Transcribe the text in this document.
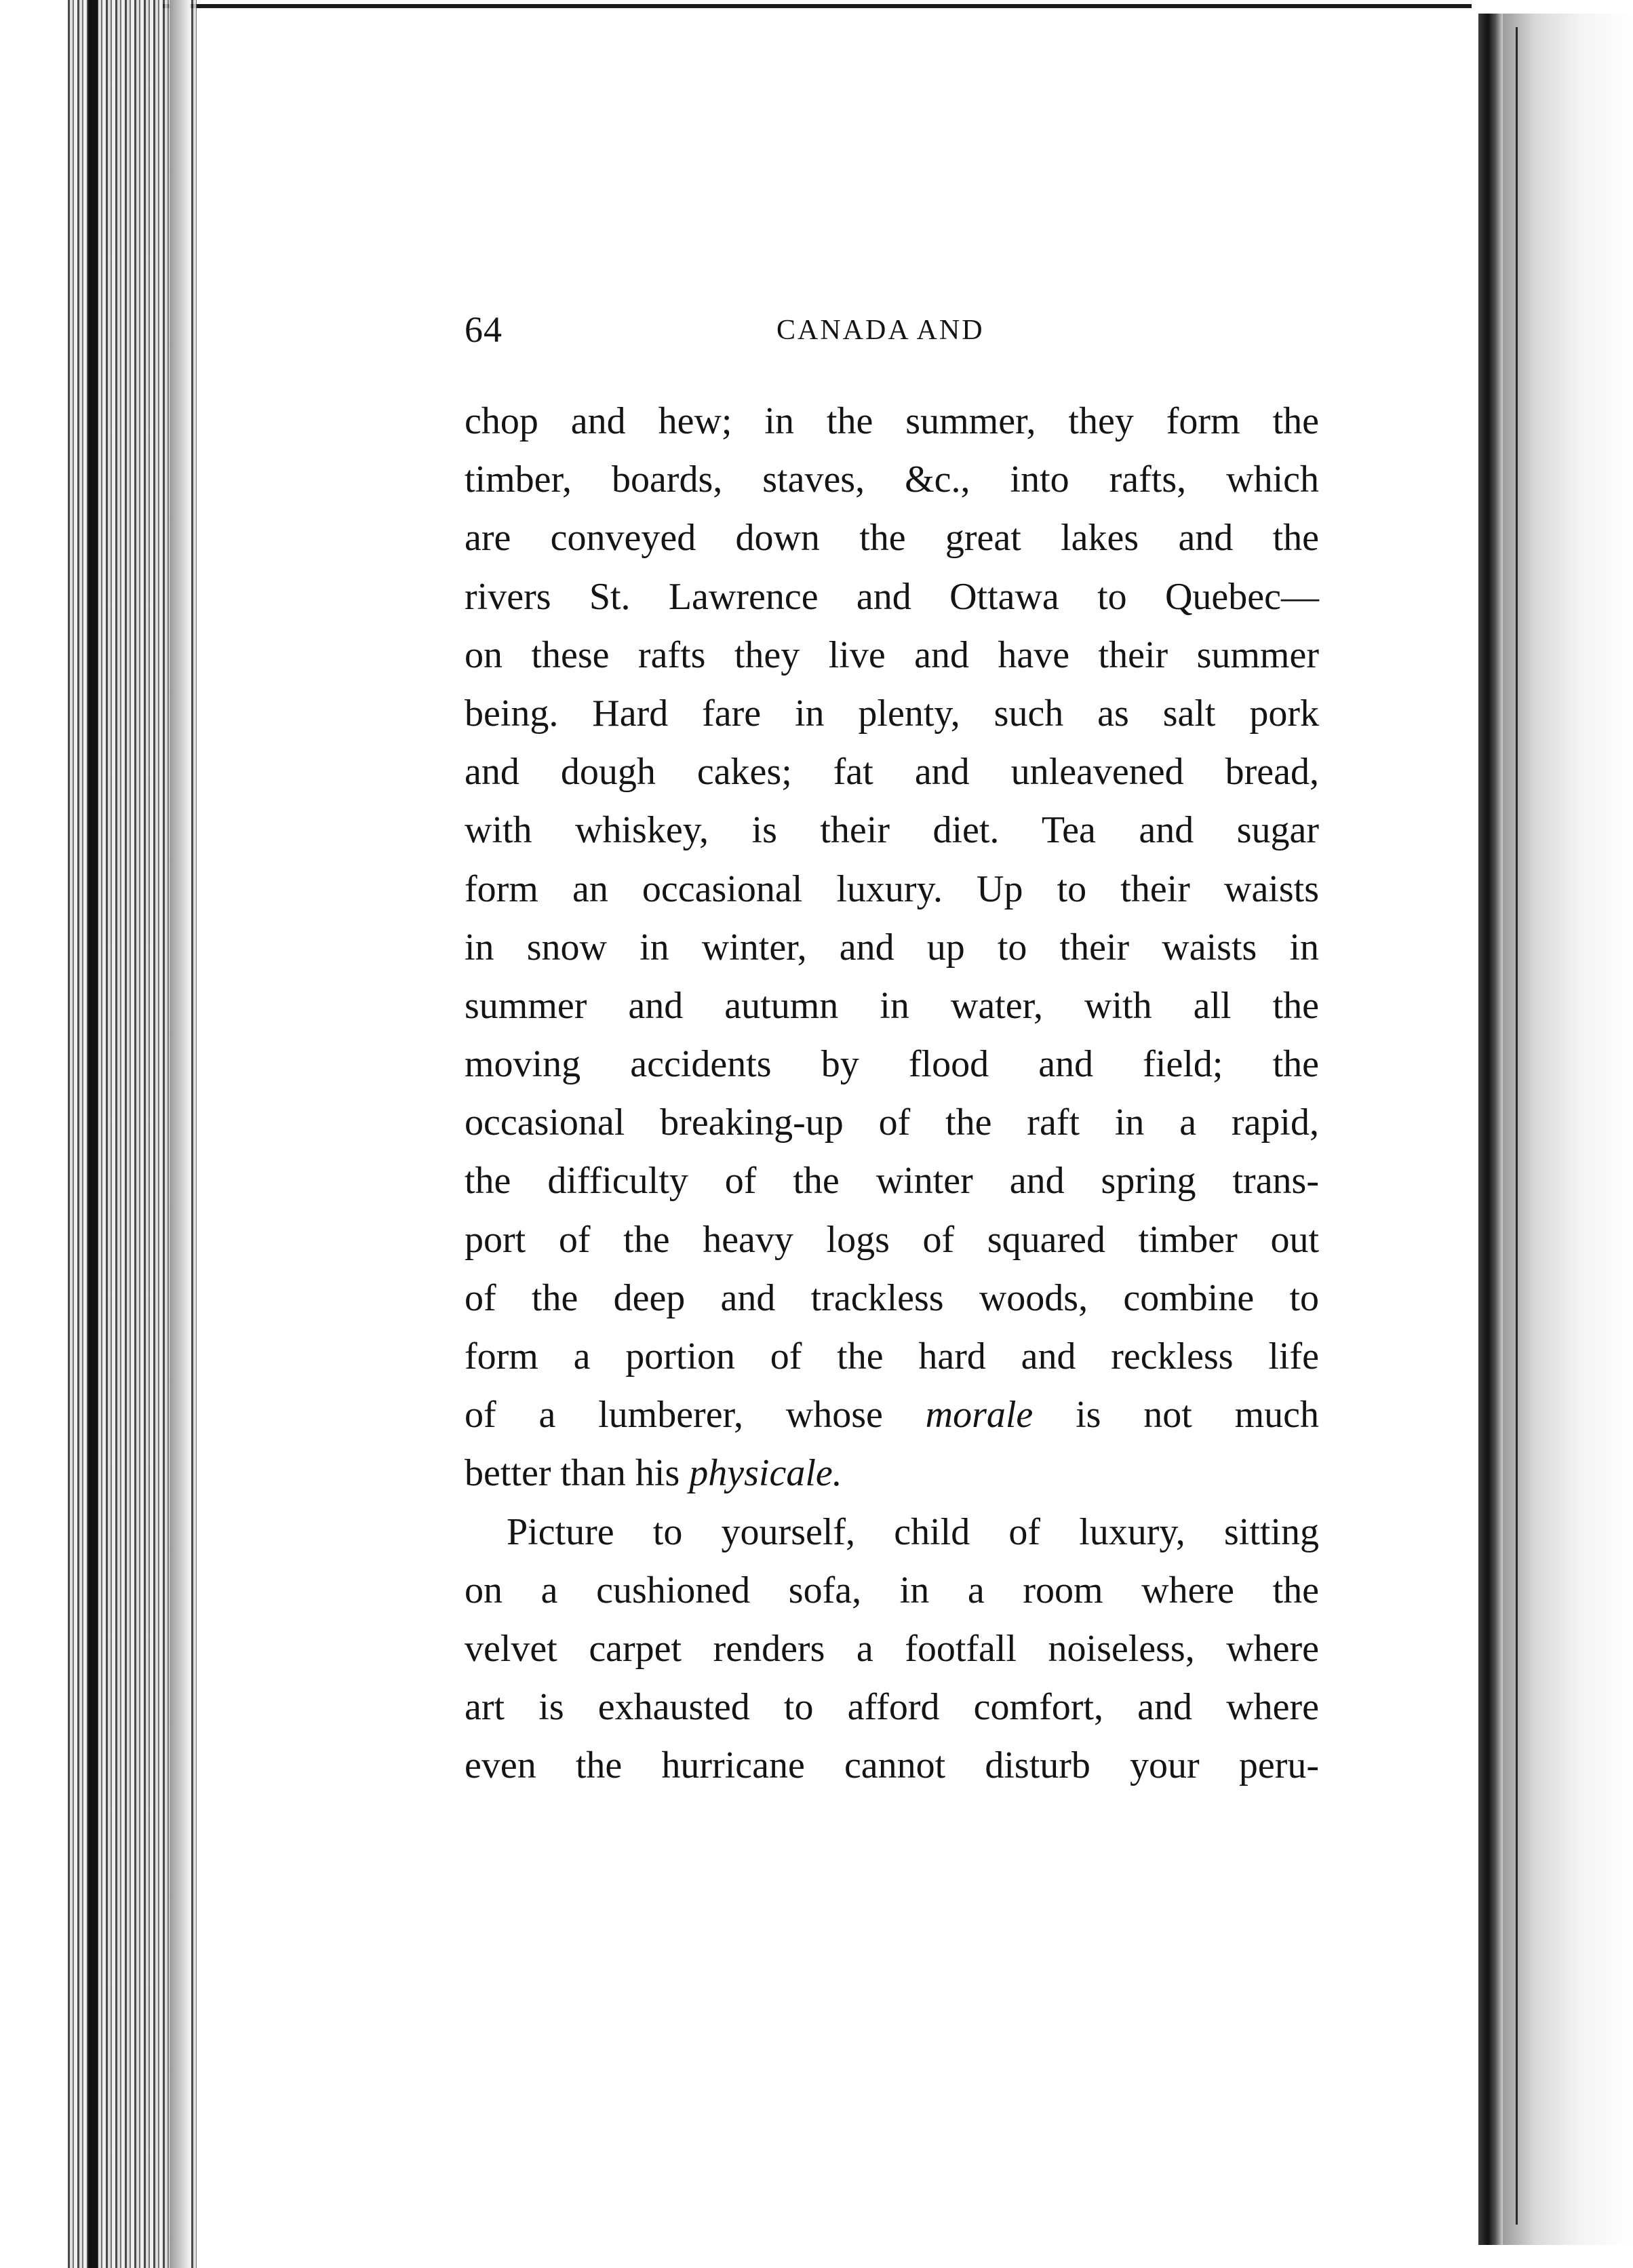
64	CANADA AND
chop and hew; in the summer, they form the
timber, boards, staves, &c., into rafts, which
are conveyed down the great lakes and the
rivers St. Lawrence and Ottawa to Quebec—
on these rafts they live and have their summer
being. Hard fare in plenty, such as salt pork
and dough cakes; fat and unleavened bread,
with whiskey, is their diet. Tea and sugar
form an occasional luxury. Up to their waists
in snow in winter, and up to their waists in
summer and autumn in water, with all the
moving accidents by flood and field; the
occasional breaking-up of the raft in a rapid,
the difficulty of the winter and spring trans-
port of the heavy logs of squared timber out
of the deep and trackless woods, combine to
form a portion of the hard and reckless life
of a lumberer, whose morale is not much
better than his physicale.
Picture to yourself, child of luxury, sitting
on a cushioned sofa, in a room where the
velvet carpet renders a footfall noiseless, where
art is exhausted to afford comfort, and where
even the hurricane cannot disturb your peru-
